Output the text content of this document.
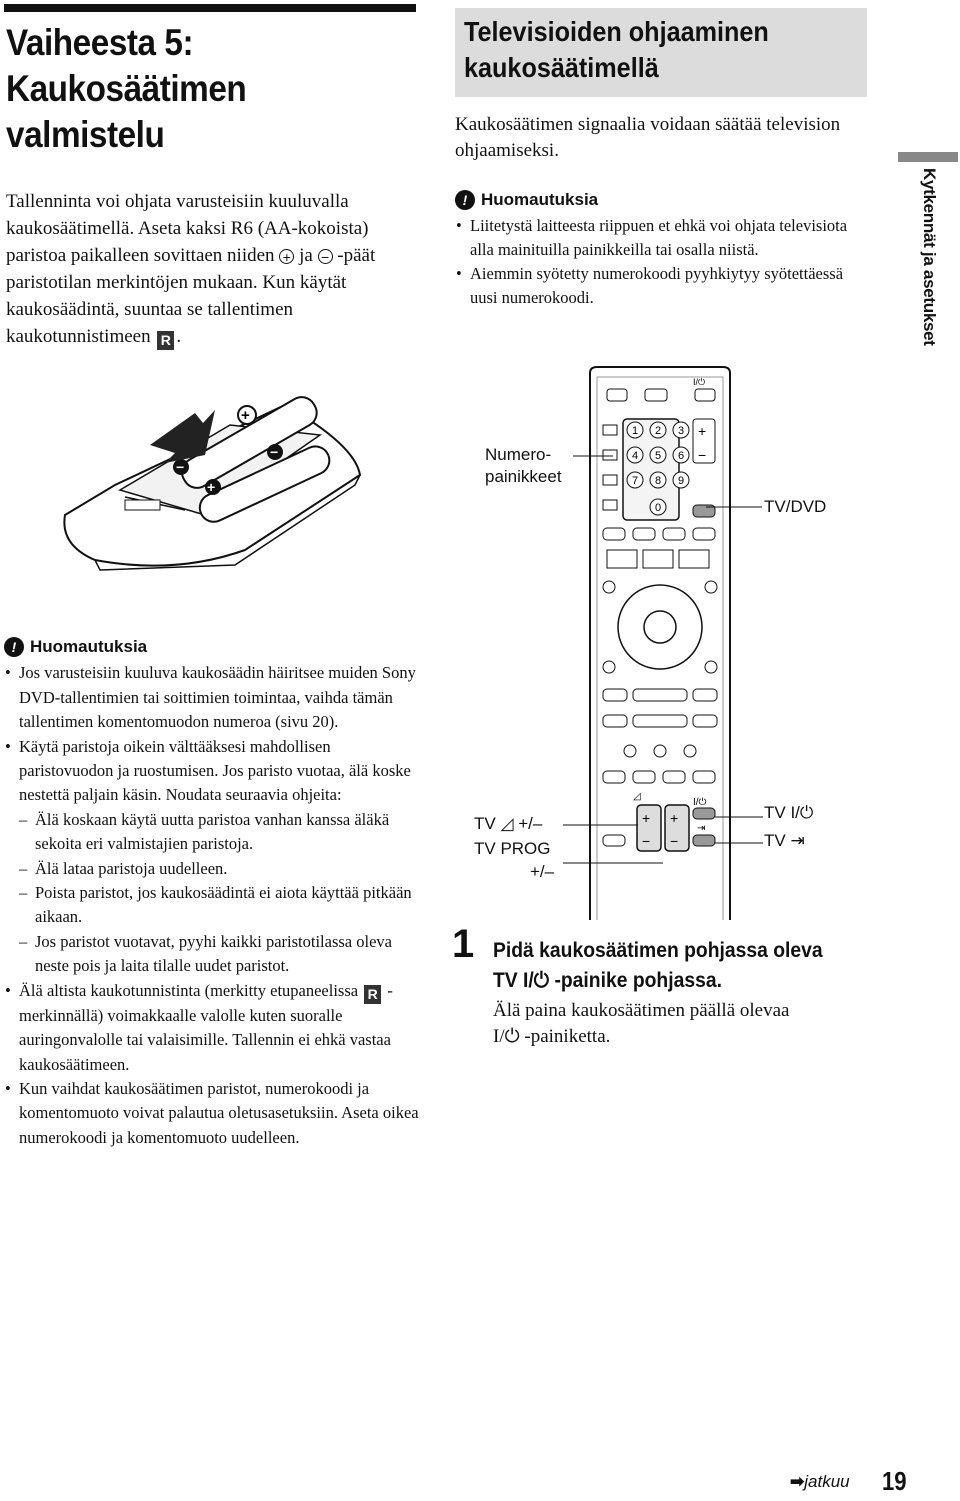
Vaiheesta 5:
Kaukosäätimen
valmistelu

Tallenninta voi ohjata varusteisiin kuuluvalla kaukosäätimellä. Aseta kaksi R6 (AA-kokoista) paristoa paikalleen sovittaen niiden + ja − -päät paristotilan merkintöjen mukaan. Kun käytät kaukosäädintä, suuntaa se tallentimen kaukotunnistimeen R .

+
−
−
+
! Huomautuksia
• Jos varusteisiin kuuluva kaukosäädin häiritsee muiden Sony DVD-tallentimien tai soittimien toimintaa, vaihda tämän tallentimen komentomuodon numeroa (sivu 20).
• Käytä paristoja oikein välttääksesi mahdollisen paristovuodon ja ruostumisen. Jos paristo vuotaa, älä koske nestettä paljain käsin. Noudata seuraavia ohjeita:
– Älä koskaan käytä uutta paristoa vanhan kanssa äläkä sekoita eri valmistajien paristoja.
– Älä lataa paristoja uudelleen.
– Poista paristot, jos kaukosäädintä ei aiota käyttää pitkään aikaan.
– Jos paristot vuotavat, pyyhi kaikki paristotilassa oleva neste pois ja laita tilalle uudet paristot.
• Älä altista kaukotunnistinta (merkitty etupaneelissa R -merkinnällä) voimakkaalle valolle kuten suoralle auringonvalolle tai valaisimille. Tallennin ei ehkä vastaa kaukosäätimeen.
• Kun vaihdat kaukosäätimen paristot, numerokoodi ja komentomuoto voivat palautua oletusasetuksiin. Aseta oikea numerokoodi ja komentomuoto uudelleen.
Televisioiden ohjaaminen
kaukosäätimellä
Kaukosäätimen signaalia voidaan säätää television ohjaamiseksi.
! Huomautuksia
• Liitetystä laitteesta riippuen et ehkä voi ohjata televisiota alla mainituilla painikkeilla tai osalla niistä.
• Aiemmin syötetty numerokoodi pyyhkiytyy syötettäessä uusi numerokoodi.	Kytkennät ja asetukset
I/⏻
+
−
1 2 3
4 5 6
7 8 9
0
◿
I/⏻
+ +
− −
⇥
Numero-
painikkeet
TV/DVD
TV ◿ +/–
TV PROG
+/–
TV I/⏻
TV ⇥
1 Pidä kaukosäätimen pohjassa oleva
TV I/⏻ -painike pohjassa.
Älä paina kaukosäätimen päällä olevaa
I/⏻ -painiketta.
➡jatkuu 19
